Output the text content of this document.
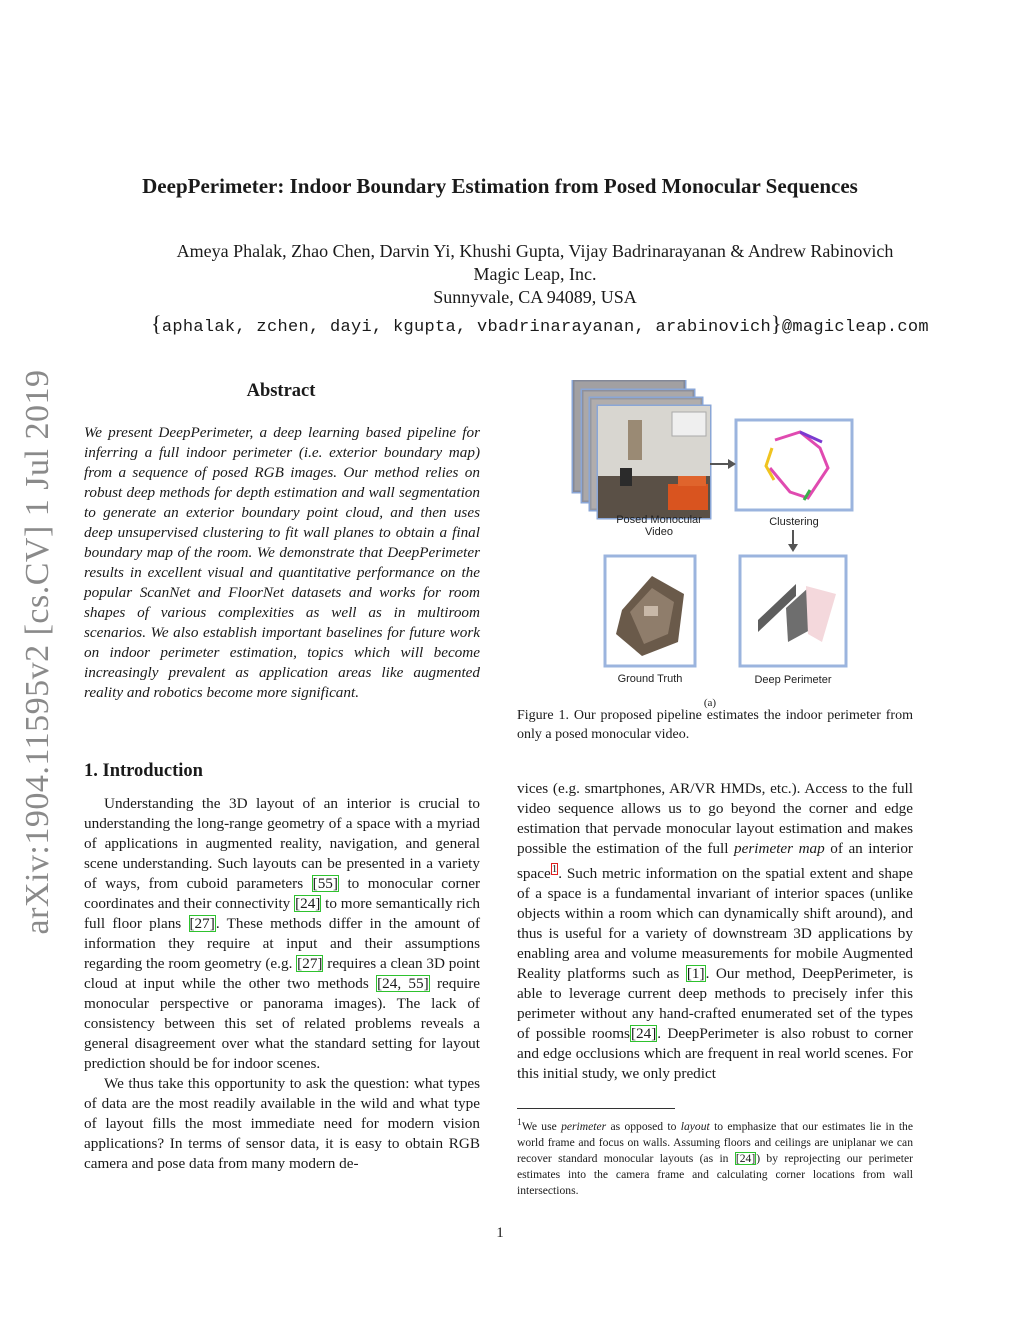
DeepPerimeter: Indoor Boundary Estimation from Posed Monocular Sequences
Ameya Phalak, Zhao Chen, Darvin Yi, Khushi Gupta, Vijay Badrinarayanan & Andrew Rabinovich
Magic Leap, Inc.
Sunnyvale, CA 94089, USA
{aphalak, zchen, dayi, kgupta, vbadrinarayanan, arabinovich}@magicleap.com
arXiv:1904.11595v2 [cs.CV] 1 Jul 2019	Abstract
We present DeepPerimeter, a deep learning based pipeline for inferring a full indoor perimeter (i.e. exterior boundary map) from a sequence of posed RGB images. Our method relies on robust deep methods for depth estimation and wall segmentation to generate an exterior boundary point cloud, and then uses deep unsupervised clustering to fit wall planes to obtain a final boundary map of the room. We demonstrate that DeepPerimeter results in excellent visual and quantitative performance on the popular ScanNet and FloorNet datasets and works for room shapes of various complexities as well as in multiroom scenarios. We also establish important baselines for future work on indoor perimeter estimation, topics which will become increasingly prevalent as application areas like augmented reality and robotics become more significant.
1. Introduction

Understanding the 3D layout of an interior is crucial to understanding the long-range geometry of a space with a myriad of applications in augmented reality, navigation, and general scene understanding. Such layouts can be presented in a variety of ways, from cuboid parameters [55] to monocular corner coordinates and their connectivity [24] to more semantically rich full floor plans [27]. These methods differ in the amount of information they require at input and their assumptions regarding the room geometry (e.g. [27] requires a clean 3D point cloud at input while the other two methods [24, 55] require monocular perspective or panorama images). The lack of consistency between this set of related problems reveals a general disagreement over what the standard setting for layout prediction should be for indoor scenes.

We thus take this opportunity to ask the question: what types of data are the most readily available in the wild and what type of layout fills the most immediate need for modern vision applications? In terms of sensor data, it is easy to obtain RGB camera and pose data from many modern de-

vices (e.g. smartphones, AR/VR HMDs, etc.). Access to the full video sequence allows us to go beyond the corner and edge estimation that pervade monocular layout estimation and makes possible the estimation of the full perimeter map of an interior space$^1$. Such metric information on the spatial extent and shape of a space is a fundamental invariant of interior spaces (unlike objects within a room which can dynamically shift around), and thus is useful for a variety of downstream 3D applications by enabling area and volume measurements for mobile Augmented Reality platforms such as [1]. Our method, DeepPerimeter, is able to leverage current deep methods to precisely infer this perimeter without any hand-crafted enumerated set of the types of possible rooms[24]. DeepPerimeter is also robust to corner and edge occlusions which are frequent in real world scenes. For this initial study, we only predict

Posed Monocular Video
Clustering
Ground Truth	Deep Perimeter
(a)
Figure 1. Our proposed pipeline estimates the indoor perimeter from only a posed monocular video.
$^1$We use perimeter as opposed to layout to emphasize that our estimates lie in the world frame and focus on walls. Assuming floors and ceilings are uniplanar we can recover standard monocular layouts (as in [24]) by reprojecting our perimeter estimates into the camera frame and calculating corner locations from wall intersections.
1
